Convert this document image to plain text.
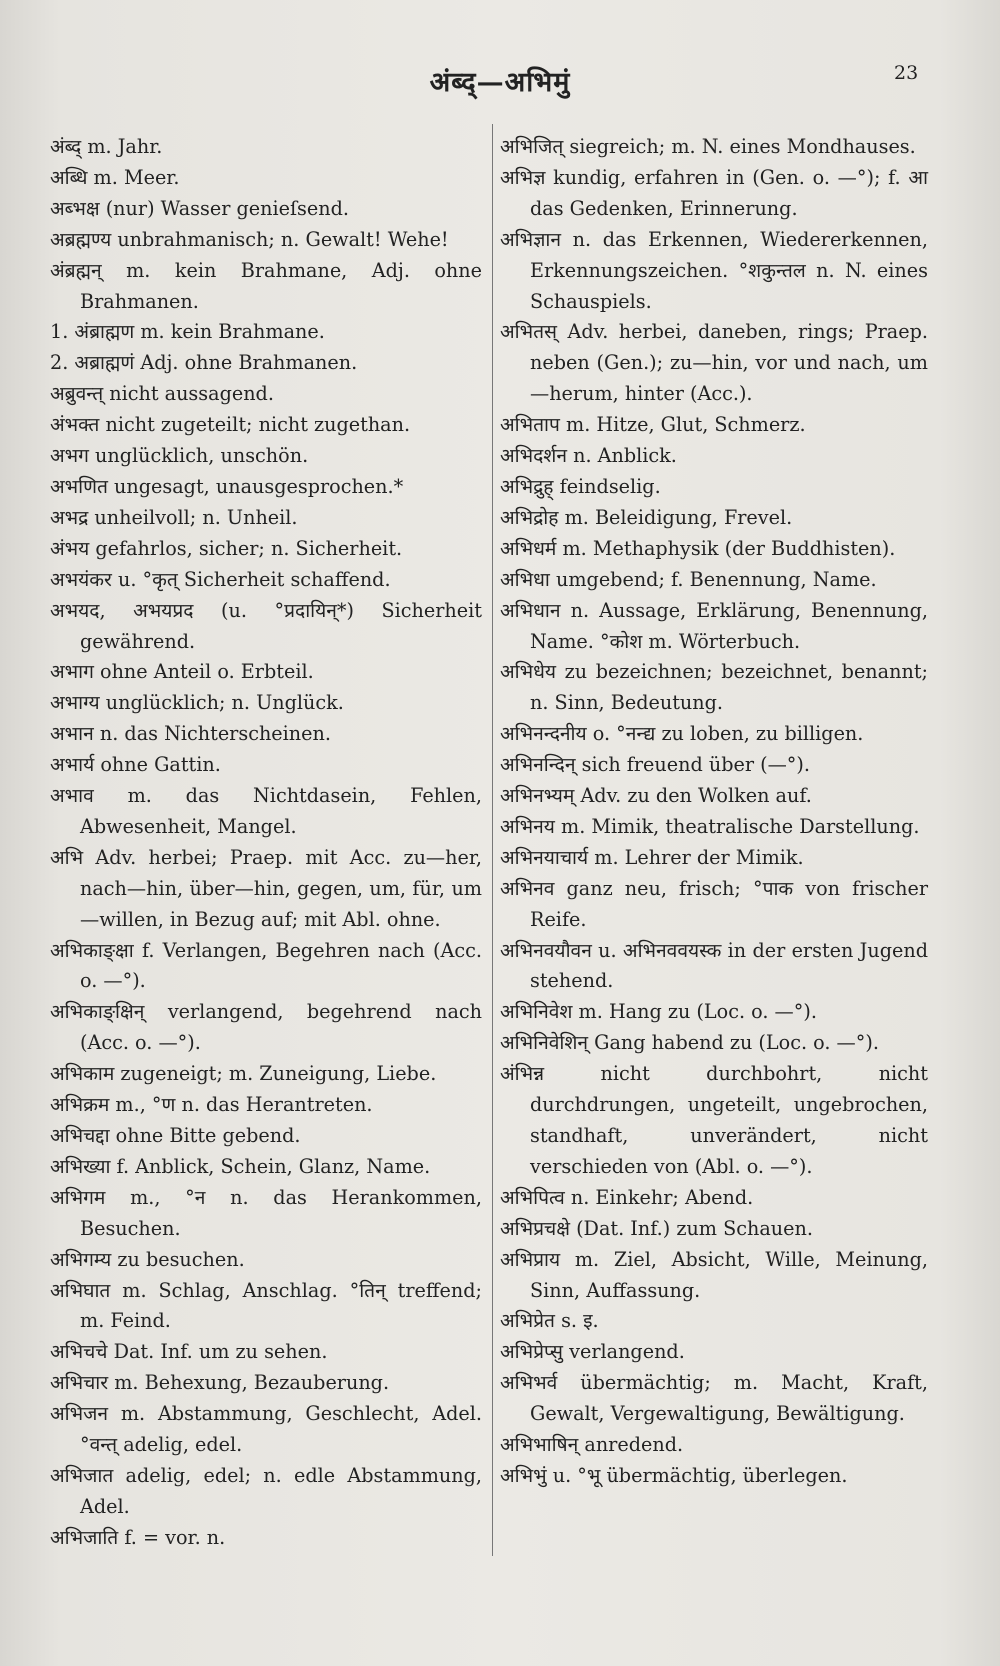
अंब्द्—अभिमुं	23
अंब्द् m. Jahr.
अब्धि m. Meer.
अब्भक्ष (nur) Wasser genieſsend.
अब्रह्मण्य unbrahmanisch; n. Gewalt! Wehe!
अंब्रह्मन् m. kein Brahmane, Adj. ohne Brahmanen.
1. अंब्राह्मण m. kein Brahmane.
2. अब्राह्मणं Adj. ohne Brahmanen.
अब्रुवन्त् nicht aussagend.
अंभक्त nicht zugeteilt; nicht zugethan.
अभग unglücklich, unschön.
अभणित ungesagt, unausgesprochen.*
अभद्र unheilvoll; n. Unheil.
अंभय gefahrlos, sicher; n. Sicherheit.
अभयंकर u. °कृत् Sicherheit schaffend.
अभयद, अभयप्रद (u. °प्रदायिन्*) Sicherheit gewährend.
अभाग ohne Anteil o. Erbteil.
अभाग्य unglücklich; n. Unglück.
अभान n. das Nichterscheinen.
अभार्य ohne Gattin.
अभाव m. das Nichtdasein, Fehlen, Abwesenheit, Mangel.
अभि Adv. herbei; Praep. mit Acc. zu—her, nach—hin, über—hin, gegen, um, für, um—willen, in Bezug auf; mit Abl. ohne.
अभिकाङ्क्षा f. Verlangen, Begehren nach (Acc. o. —°).
अभिकाङ्क्षिन् verlangend, begehrend nach (Acc. o. —°).
अभिकाम zugeneigt; m. Zuneigung, Liebe.
अभिक्रम m., °ण n. das Herantreten.
अभिचद्दा ohne Bitte gebend.
अभिख्या f. Anblick, Schein, Glanz, Name.
अभिगम m., °न n. das Herankommen, Besuchen.
अभिगम्य zu besuchen.
अभिघात m. Schlag, Anschlag. °तिन् treffend; m. Feind.
अभिचचे Dat. Inf. um zu sehen.
अभिचार m. Behexung, Bezauberung.
अभिजन m. Abstammung, Geschlecht, Adel. °वन्त् adelig, edel.
अभिजात adelig, edel; n. edle Abstammung, Adel.
अभिजाति f. = vor. n.
अभिजित् siegreich; m. N. eines Mondhauses.
अभिज्ञ kundig, erfahren in (Gen. o. —°); f. आ das Gedenken, Erinnerung.
अभिज्ञान n. das Erkennen, Wiedererkennen, Erkennungszeichen. °शकुन्तल n. N. eines Schauspiels.
अभितस् Adv. herbei, daneben, rings; Praep. neben (Gen.); zu—hin, vor und nach, um—herum, hinter (Acc.).
अभिताप m. Hitze, Glut, Schmerz.
अभिदर्शन n. Anblick.
अभिद्रुह् feindselig.
अभिद्रोह m. Beleidigung, Frevel.
अभिधर्म m. Methaphysik (der Buddhisten).
अभिधा umgebend; f. Benennung, Name.
अभिधान n. Aussage, Erklärung, Benennung, Name. °कोश m. Wörterbuch.
अभिधेय zu bezeichnen; bezeichnet, benannt; n. Sinn, Bedeutung.
अभिनन्दनीय o. °नन्द्य zu loben, zu billigen.
अभिनन्दिन् sich freuend über (—°).
अभिनभ्यम् Adv. zu den Wolken auf.
अभिनय m. Mimik, theatralische Darstellung.
अभिनयाचार्य m. Lehrer der Mimik.
अभिनव ganz neu, frisch; °पाक von frischer Reife.
अभिनवयौवन u. अभिनववयस्क in der ersten Jugend stehend.
अभिनिवेश m. Hang zu (Loc. o. —°).
अभिनिवेशिन् Gang habend zu (Loc. o. —°).
अंभिन्न nicht durchbohrt, nicht durchdrungen, ungeteilt, ungebrochen, standhaft, unverändert, nicht verschieden von (Abl. o. —°).
अभिपित्व n. Einkehr; Abend.
अभिप्रचक्षे (Dat. Inf.) zum Schauen.
अभिप्राय m. Ziel, Absicht, Wille, Meinung, Sinn, Auffassung.
अभिप्रेत s. इ.
अभिप्रेप्सु verlangend.
अभिभर्व übermächtig; m. Macht, Kraft, Gewalt, Vergewaltigung, Bewältigung.
अभिभाषिन् anredend.
अभिभुं u. °भू übermächtig, überlegen.
